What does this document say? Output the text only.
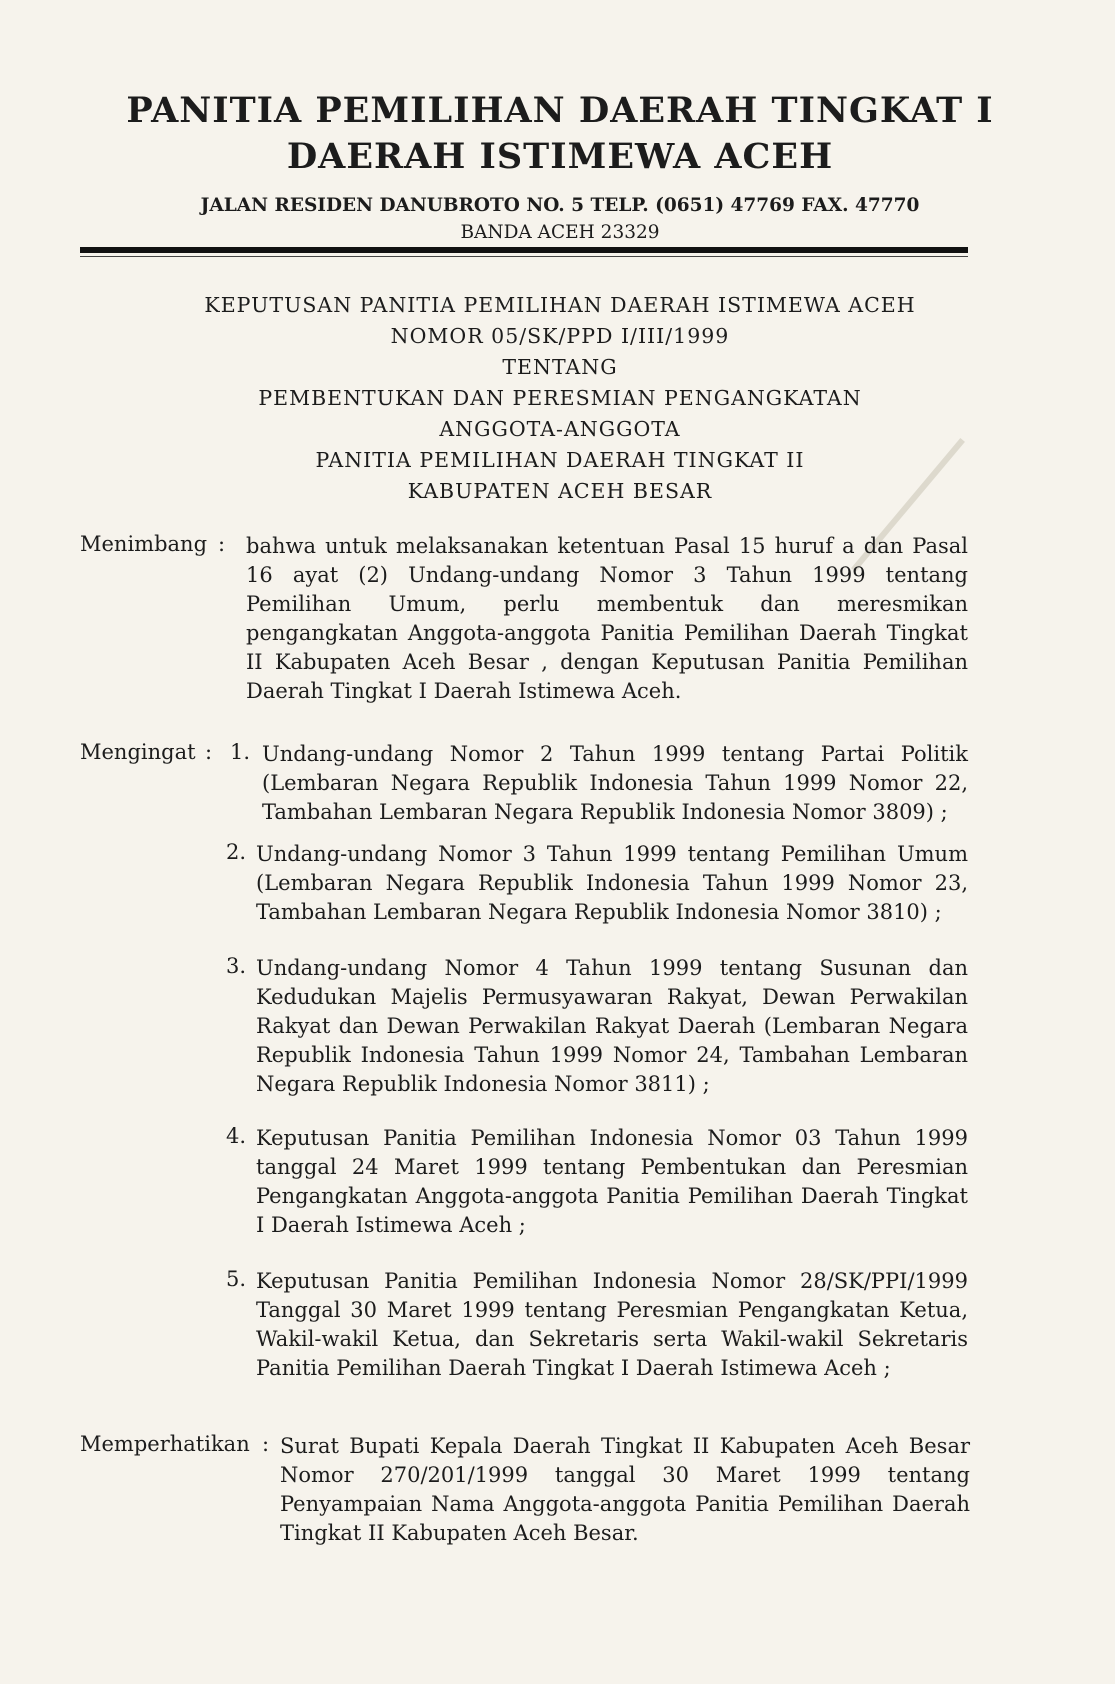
PANITIA PEMILIHAN DAERAH TINGKAT I
DAERAH ISTIMEWA ACEH
JALAN RESIDEN DANUBROTO NO. 5 TELP. (0651) 47769 FAX. 47770
BANDA ACEH 23329
KEPUTUSAN PANITIA PEMILIHAN DAERAH ISTIMEWA ACEH
NOMOR 05/SK/PPD I/III/1999
TENTANG
PEMBENTUKAN DAN PERESMIAN PENGANGKATAN
ANGGOTA-ANGGOTA
PANITIA PEMILIHAN DAERAH TINGKAT II
KABUPATEN ACEH BESAR
Menimbang : bahwa untuk melaksanakan ketentuan Pasal 15 huruf a dan Pasal 16 ayat (2) Undang-undang Nomor 3 Tahun 1999 tentang Pemilihan Umum, perlu membentuk dan meresmikan pengangkatan Anggota-anggota Panitia Pemilihan Daerah Tingkat II Kabupaten Aceh Besar , dengan Keputusan Panitia Pemilihan Daerah Tingkat I Daerah Istimewa Aceh.
Mengingat : 1. Undang-undang Nomor 2 Tahun 1999 tentang Partai Politik (Lembaran Negara Republik Indonesia Tahun 1999 Nomor 22, Tambahan Lembaran Negara Republik Indonesia Nomor 3809) ;
2. Undang-undang Nomor 3 Tahun 1999 tentang Pemilihan Umum (Lembaran Negara Republik Indonesia Tahun 1999 Nomor 23, Tambahan Lembaran Negara Republik Indonesia Nomor 3810) ;
3. Undang-undang Nomor 4 Tahun 1999 tentang Susunan dan Kedudukan Majelis Permusyawaran Rakyat, Dewan Perwakilan Rakyat dan Dewan Perwakilan Rakyat Daerah (Lembaran Negara Republik Indonesia Tahun 1999 Nomor 24, Tambahan Lembaran Negara Republik Indonesia Nomor 3811) ;
4. Keputusan Panitia Pemilihan Indonesia Nomor 03 Tahun 1999 tanggal 24 Maret 1999 tentang Pembentukan dan Peresmian Pengangkatan Anggota-anggota Panitia Pemilihan Daerah Tingkat I Daerah Istimewa Aceh ;
5. Keputusan Panitia Pemilihan Indonesia Nomor 28/SK/PPI/1999 Tanggal 30 Maret 1999 tentang Peresmian Pengangkatan Ketua, Wakil-wakil Ketua, dan Sekretaris serta Wakil-wakil Sekretaris Panitia Pemilihan Daerah Tingkat I Daerah Istimewa Aceh ;
Memperhatikan : Surat Bupati Kepala Daerah Tingkat II Kabupaten Aceh Besar Nomor 270/201/1999 tanggal 30 Maret 1999 tentang Penyampaian Nama Anggota-anggota Panitia Pemilihan Daerah Tingkat II Kabupaten Aceh Besar.
